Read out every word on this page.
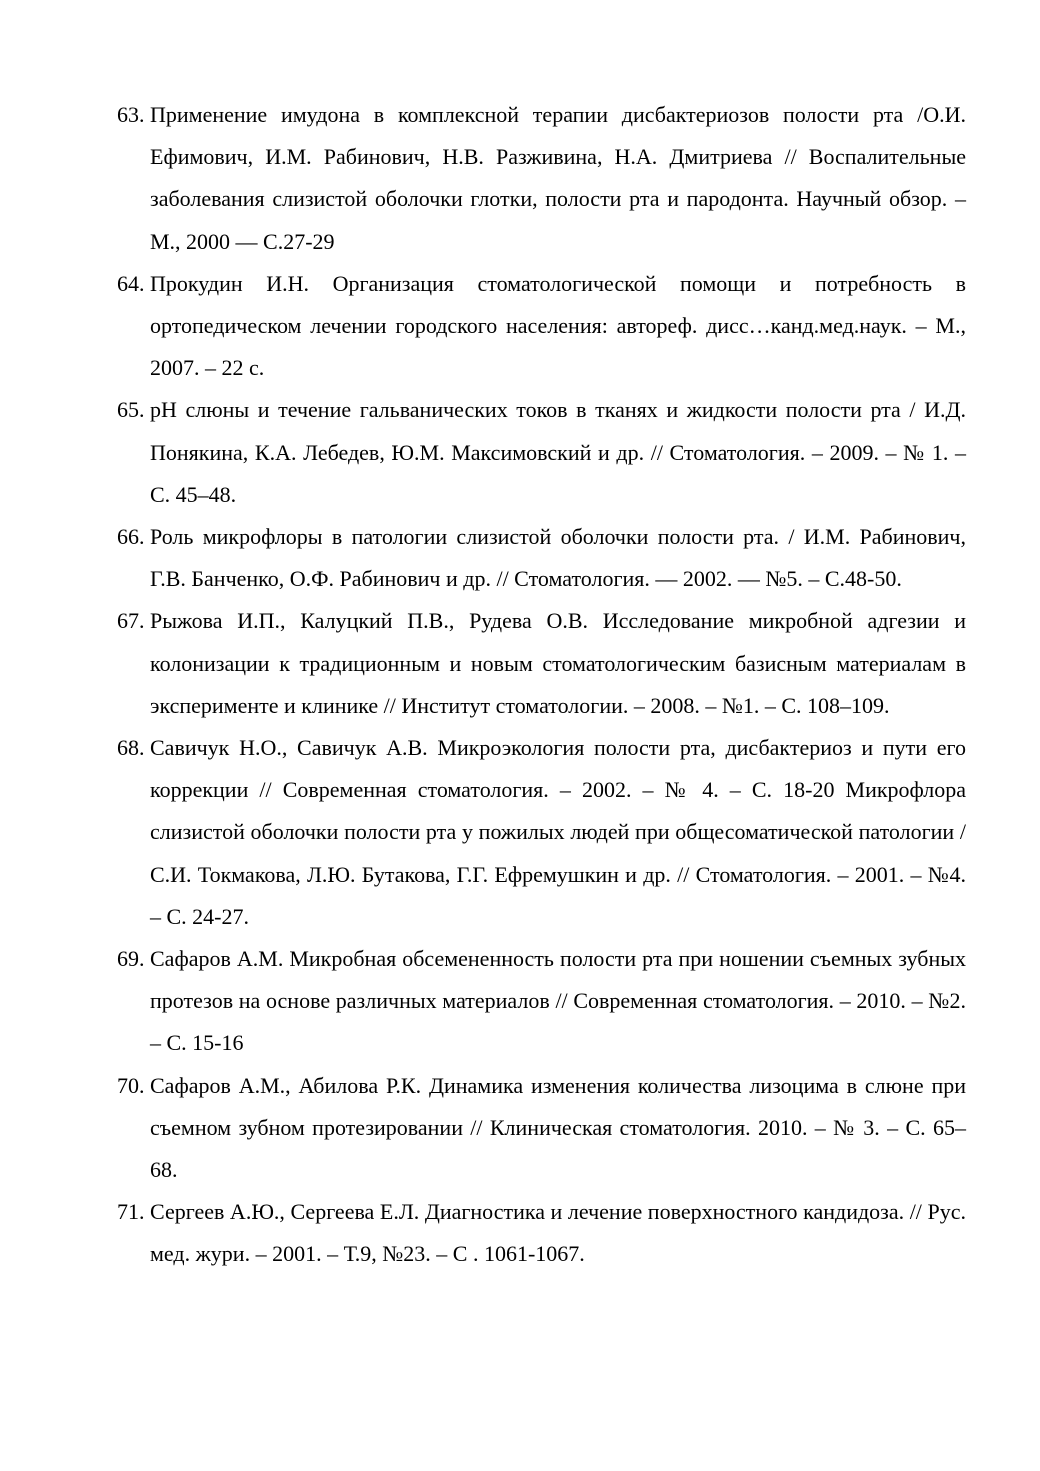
63. Применение имудона в комплексной терапии дисбактериозов полости рта /О.И. Ефимович, И.М. Рабинович, Н.В. Разживина, Н.А. Дмитриева // Воспалительные заболевания слизистой оболочки глотки, полости рта и пародонта. Научный обзор. – М., 2000 — С.27-29
64. Прокудин И.Н. Организация стоматологической помощи и потребность в ортопедическом лечении городского населения: автореф. дисс…канд.мед.наук. – М., 2007. – 22 с.
65. рН слюны и течение гальванических токов в тканях и жидкости полости рта / И.Д. Понякина, К.А. Лебедев, Ю.М. Максимовский и др. // Стоматология. – 2009. – № 1. – С. 45–48.
66. Роль микрофлоры в патологии слизистой оболочки полости рта. / И.М. Рабинович, Г.В. Банченко, О.Ф. Рабинович и др. // Стоматология. — 2002. — №5. – С.48-50.
67. Рыжова И.П., Калуцкий П.В., Рудева О.В. Исследование микробной адгезии и колонизации к традиционным и новым стоматологическим базисным материалам в эксперименте и клинике // Институт стоматологии. – 2008. – №1. – С. 108–109.
68. Савичук Н.О., Савичук А.В. Микроэкология полости рта, дисбактериоз и пути его коррекции // Современная стоматология. – 2002. – № 4. – С. 18-20 Микрофлора слизистой оболочки полости рта у пожилых людей при общесоматической патологии / С.И. Токмакова, Л.Ю. Бутакова, Г.Г. Ефремушкин и др. // Стоматология. – 2001. – №4. – С. 24-27.
69. Сафаров А.М. Микробная обсемененность полости рта при ношении съемных зубных протезов на основе различных материалов // Современная стоматология. – 2010. – №2. – С. 15-16
70. Сафаров А.М., Абилова Р.К. Динамика изменения количества лизоцима в слюне при съемном зубном протезировании // Клиническая стоматология. 2010. – № 3. – С. 65–68.
71. Сергеев А.Ю., Сергеева Е.Л. Диагностика и лечение поверхностного кандидоза. // Рус. мед. жури. – 2001. – Т.9, №23. – С . 1061-1067.
